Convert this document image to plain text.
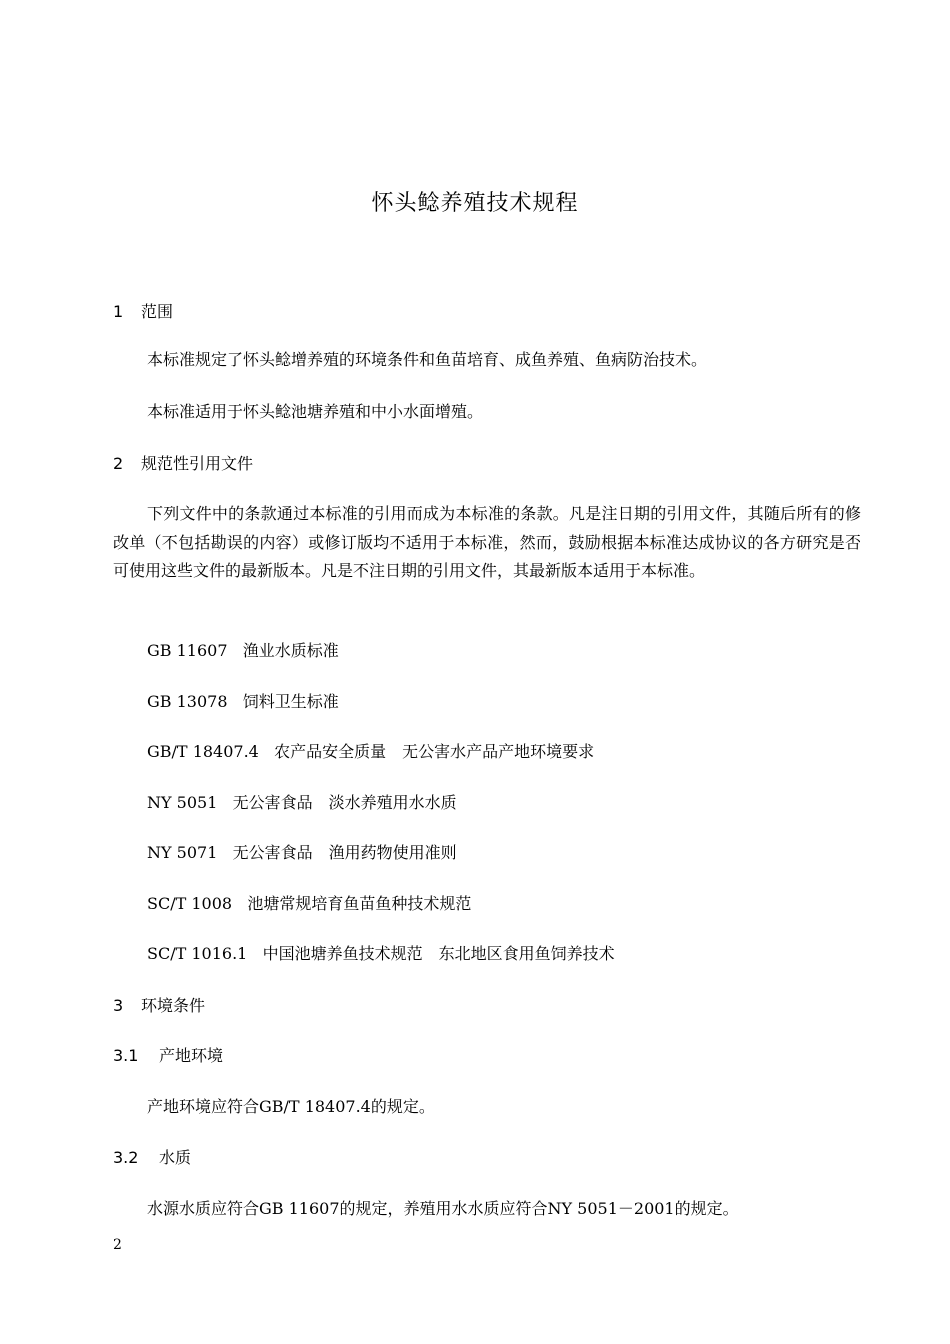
怀头鲶养殖技术规程
1 范围
本标准规定了怀头鲶增养殖的环境条件和鱼苗培育、成鱼养殖、鱼病防治技术。
本标准适用于怀头鲶池塘养殖和中小水面增殖。
2 规范性引用文件
下列文件中的条款通过本标准的引用而成为本标准的条款。凡是注日期的引用文件，其随后所有的修改单（不包括勘误的内容）或修订版均不适用于本标准，然而，鼓励根据本标准达成协议的各方研究是否可使用这些文件的最新版本。凡是不注日期的引用文件，其最新版本适用于本标准。
GB 11607 渔业水质标准
GB 13078 饲料卫生标准
GB/T 18407.4 农产品安全质量　无公害水产品产地环境要求
NY 5051 无公害食品　淡水养殖用水水质
NY 5071 无公害食品　渔用药物使用准则
SC/T 1008 池塘常规培育鱼苗鱼种技术规范
SC/T 1016.1 中国池塘养鱼技术规范　东北地区食用鱼饲养技术
3 环境条件
3.1 产地环境
产地环境应符合GB/T 18407.4的规定。
3.2 水质
水源水质应符合GB 11607的规定，养殖用水水质应符合NY 5051－2001的规定。
2
